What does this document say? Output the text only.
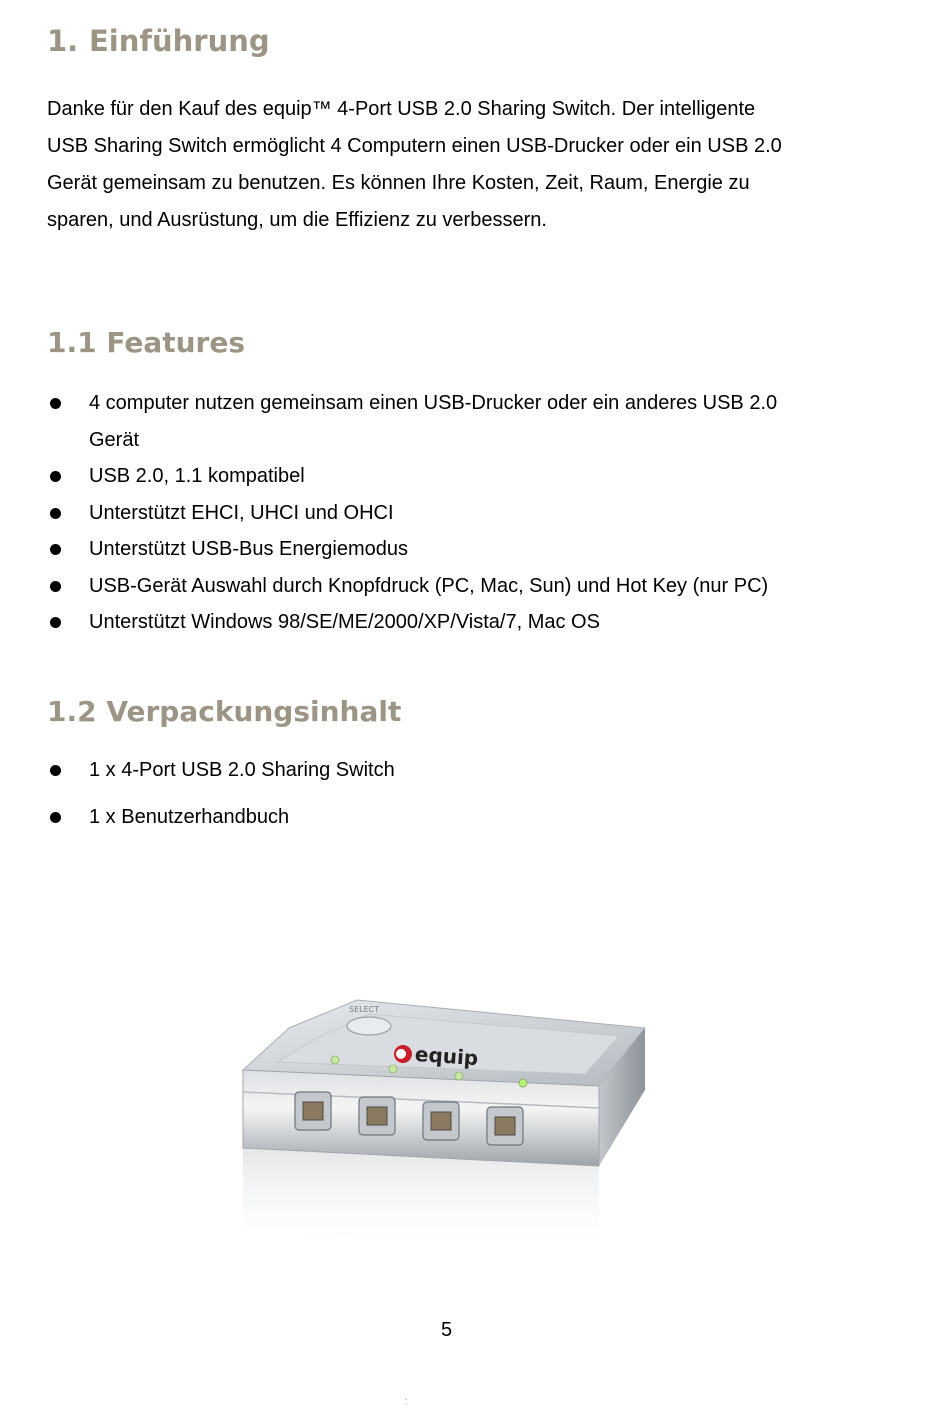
1. Einführung

Danke für den Kauf des equip™ 4-Port USB 2.0 Sharing Switch. Der intelligente
USB Sharing Switch ermöglicht 4 Computern einen USB-Drucker oder ein USB 2.0
Gerät gemeinsam zu benutzen. Es können Ihre Kosten, Zeit, Raum, Energie zu
sparen, und Ausrüstung, um die Effizienz zu verbessern.

1.1 Features
4 computer nutzen gemeinsam einen USB-Drucker oder ein anderes USB 2.0
Gerät
USB 2.0, 1.1 kompatibel
Unterstützt EHCI, UHCI und OHCI
Unterstützt USB-Bus Energiemodus
USB-Gerät Auswahl durch Knopfdruck (PC, Mac, Sun) und Hot Key (nur PC)
Unterstützt Windows 98/SE/ME/2000/XP/Vista/7, Mac OS
1.2 Verpackungsinhalt
1 x 4-Port USB 2.0 Sharing Switch
1 x Benutzerhandbuch
SELECT
equip
5
:
